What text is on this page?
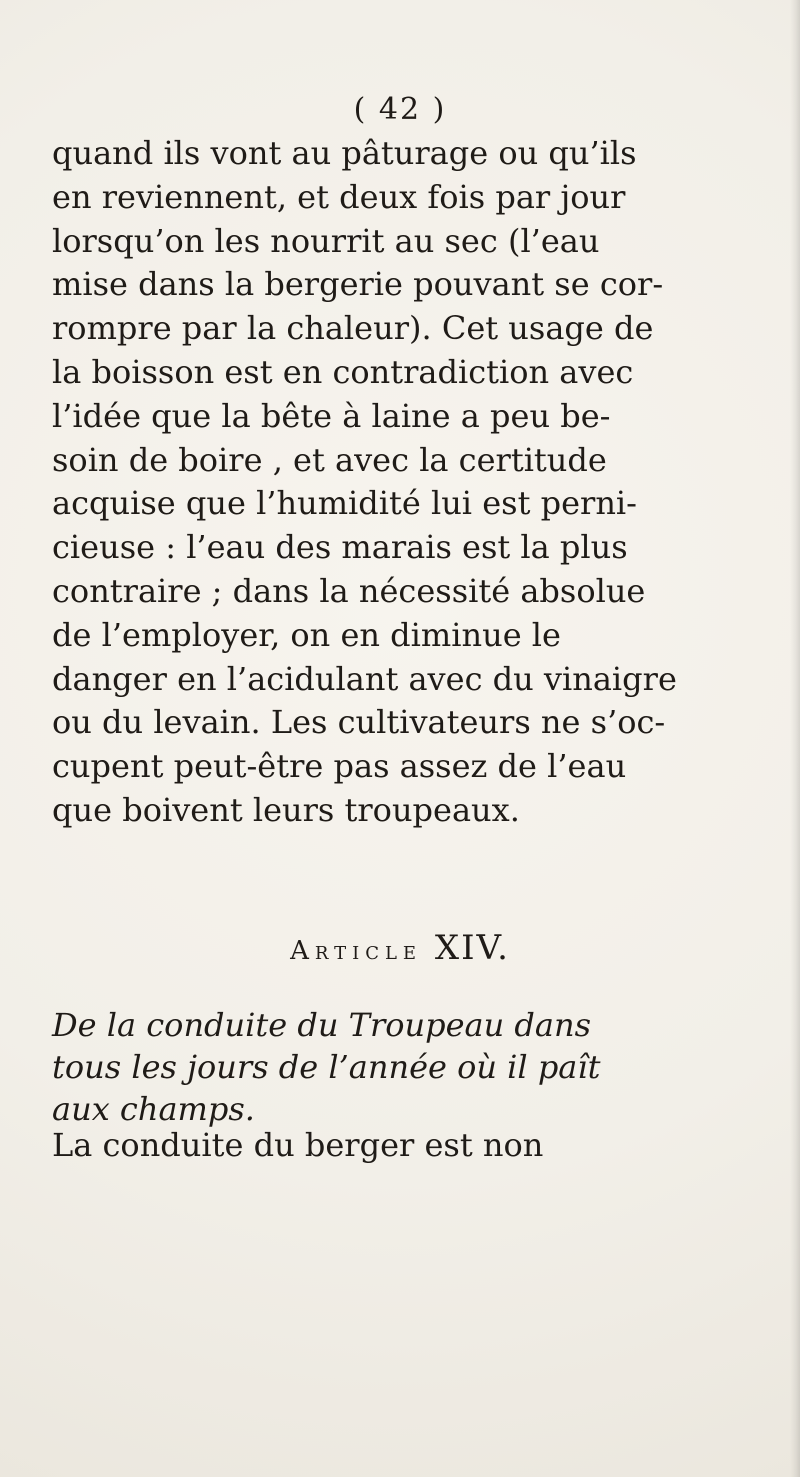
( 42 )
quand ils vont au pâturage ou qu’ils
en reviennent, et deux fois par jour
lorsqu’on les nourrit au sec (l’eau
mise dans la bergerie pouvant se cor-
rompre par la chaleur). Cet usage de
la boisson est en contradiction avec
l’idée que la bête à laine a peu be-
soin de boire , et avec la certitude
acquise que l’humidité lui est perni-
cieuse : l’eau des marais est la plus
contraire ; dans la nécessité absolue
de l’employer, on en diminue le
danger en l’acidulant avec du vinaigre
ou du levain. Les cultivateurs ne s’oc-
cupent peut-être pas assez de l’eau
que boivent leurs troupeaux.
Article XIV.
De la conduite du Troupeau dans
tous les jours de l’année où il paît
aux champs.
La conduite du berger est non
